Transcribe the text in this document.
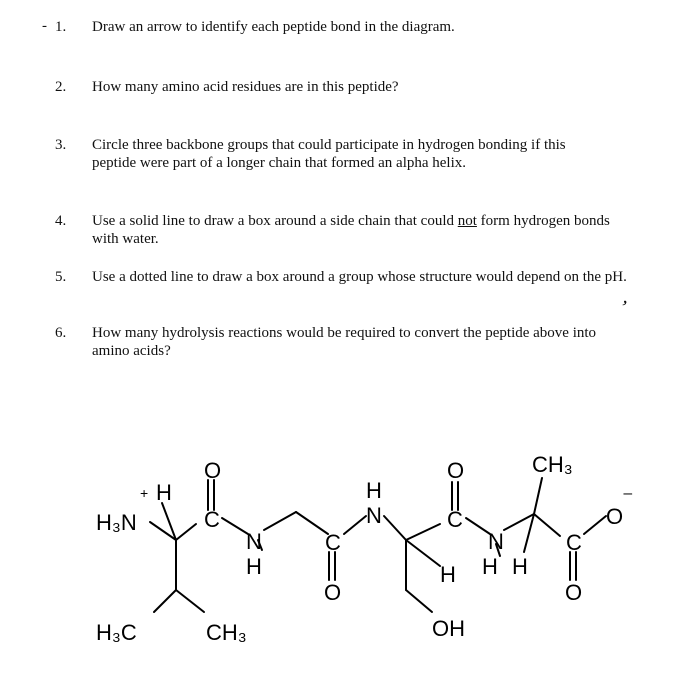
- 1. Draw an arrow to identify each peptide bond in the diagram.
2. How many amino acid residues are in this peptide?
3. Circle three backbone groups that could participate in hydrogen bonding if this peptide were part of a longer chain that formed an alpha helix.
4. Use a solid line to draw a box around a side chain that could not form hydrogen bonds with water.
5. Use a dotted line to draw a box around a group whose structure would depend on the pH.
,
6. How many hydrolysis reactions would be required to convert the peptide above into amino acids?
H₃N
+ H
H₃C	CH₃
O
C
N
H
C
O
H
N
O
C
N
H H H
OH
CH₃
C
O
O
⁻
